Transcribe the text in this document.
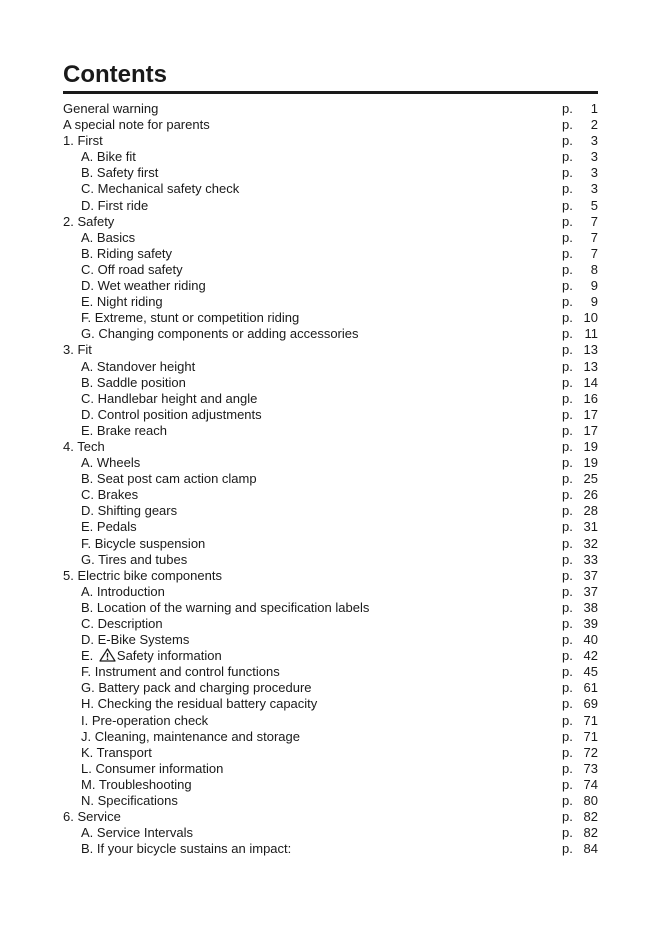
Contents
General warning	p. 1
A special note for parents	p. 2
1. First	p. 3
A. Bike fit	p. 3
B. Safety first	p. 3
C. Mechanical safety check	p. 3
D. First ride	p. 5
2. Safety	p. 7
A. Basics	p. 7
B. Riding safety	p. 7
C. Off road safety	p. 8
D. Wet weather riding	p. 9
E. Night riding	p. 9
F. Extreme, stunt or competition riding	p. 10
G. Changing components or adding accessories	p. 11
3. Fit	p. 13
A. Standover height	p. 13
B. Saddle position	p. 14
C. Handlebar height and angle	p. 16
D. Control position adjustments	p. 17
E. Brake reach	p. 17
4. Tech	p. 19
A. Wheels	p. 19
B. Seat post cam action clamp	p. 25
C. Brakes	p. 26
D. Shifting gears	p. 28
E. Pedals	p. 31
F. Bicycle suspension	p. 32
G. Tires and tubes	p. 33
5. Electric bike components	p. 37
A. Introduction	p. 37
B. Location of the warning and specification labels	p. 38
C. Description	p. 39
D. E-Bike Systems	p. 40
E. Safety information	p. 42
F. Instrument and control functions	p. 45
G. Battery pack and charging procedure	p. 61
H. Checking the residual battery capacity	p. 69
I. Pre-operation check	p. 71
J. Cleaning, maintenance and storage	p. 71
K. Transport	p. 72
L. Consumer information	p. 73
M. Troubleshooting	p. 74
N. Specifications	p. 80
6. Service	p. 82
A. Service Intervals	p. 82
B. If your bicycle sustains an impact:	p. 84
